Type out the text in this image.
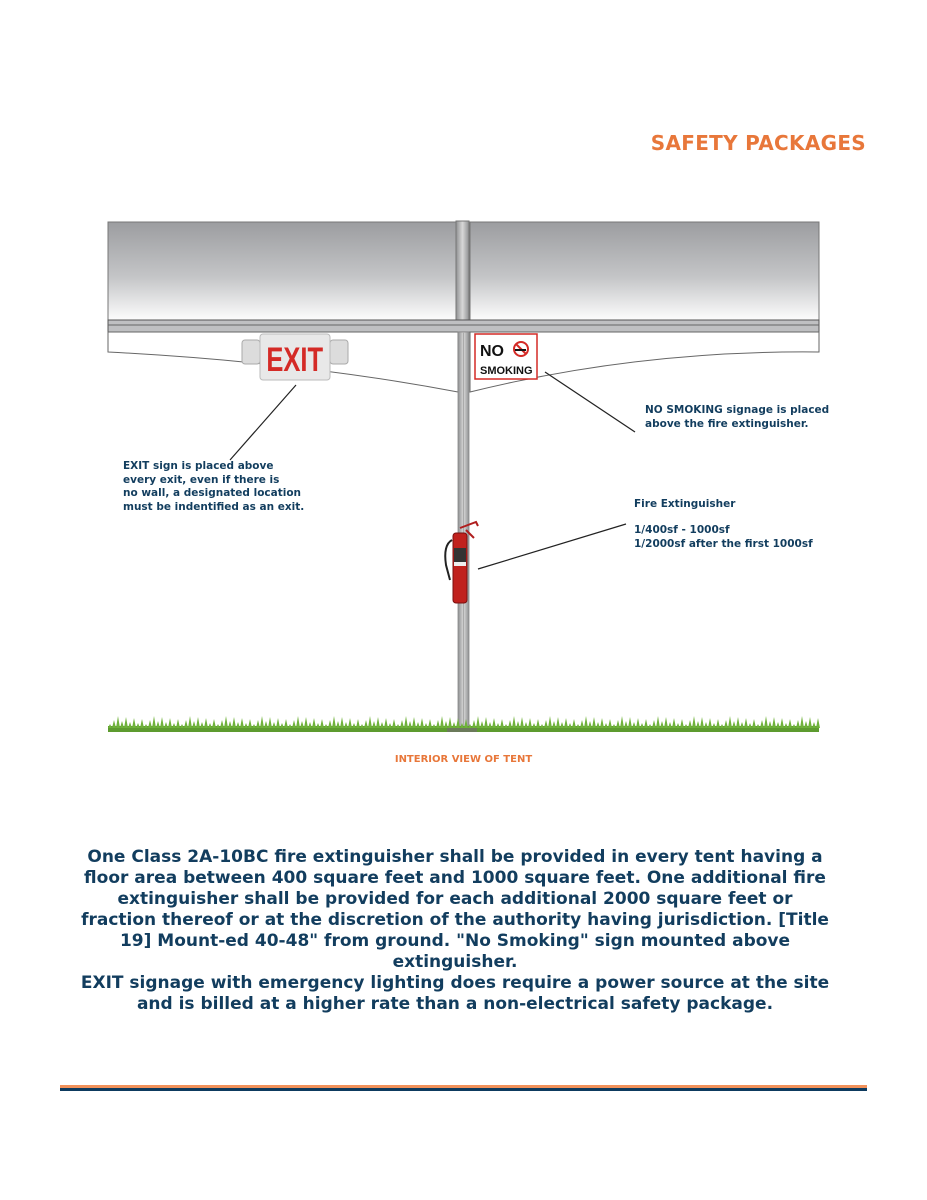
SAFETY PACKAGES
EXIT	NO
SMOKING
EXIT sign is placed above
every exit, even if there is
no wall, a designated location
must be indentified as an exit.
NO SMOKING signage is placed
above the fire extinguisher.
Fire Extinguisher
1/400sf - 1000sf
1/2000sf after the first 1000sf
INTERIOR VIEW OF TENT
One Class 2A-10BC fire extinguisher shall be provided in every tent having a floor area between 400 square feet and 1000 square feet. One additional fire extinguisher shall be provided for each additional 2000 square feet or fraction thereof or at the discretion of the authority having jurisdiction. [Title 19] Mount-ed 40-48" from ground. "No Smoking" sign mounted above extinguisher.
EXIT signage with emergency lighting does require a power source at the site and is billed at a higher rate than a non-electrical safety package.
